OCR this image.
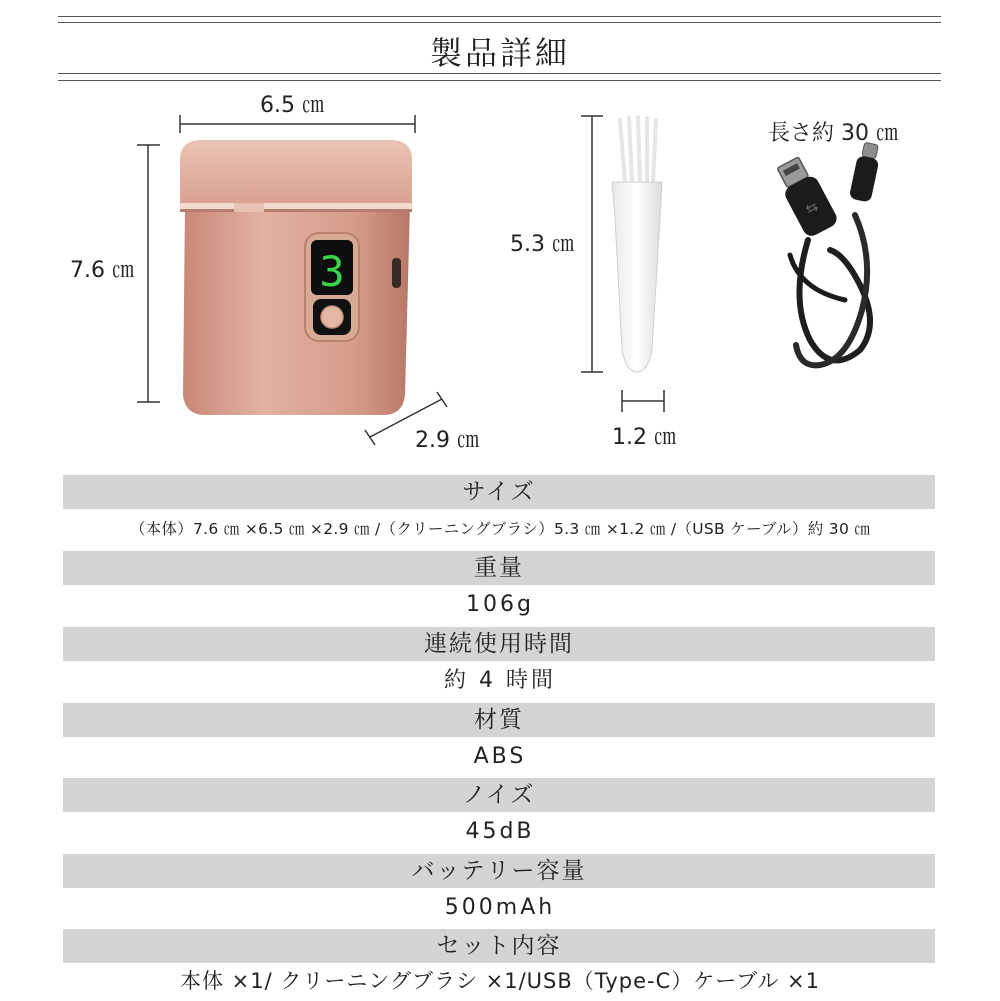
製品詳細
3
⇆
6.5 ㎝
7.6 ㎝
2.9 ㎝
5.3 ㎝
1.2 ㎝
長さ約 30 ㎝
サイズ
（本体）7.6 ㎝ ×6.5 ㎝ ×2.9 ㎝ /（クリーニングブラシ）5.3 ㎝ ×1.2 ㎝ /（USB ケーブル）約 30 ㎝
重量
106g
連続使用時間
約 4 時間
材質
ABS
ノイズ
45dB
バッテリー容量
500mAh
セット内容
本体 ×1/ クリーニングブラシ ×1/USB（Type-C）ケーブル ×1
